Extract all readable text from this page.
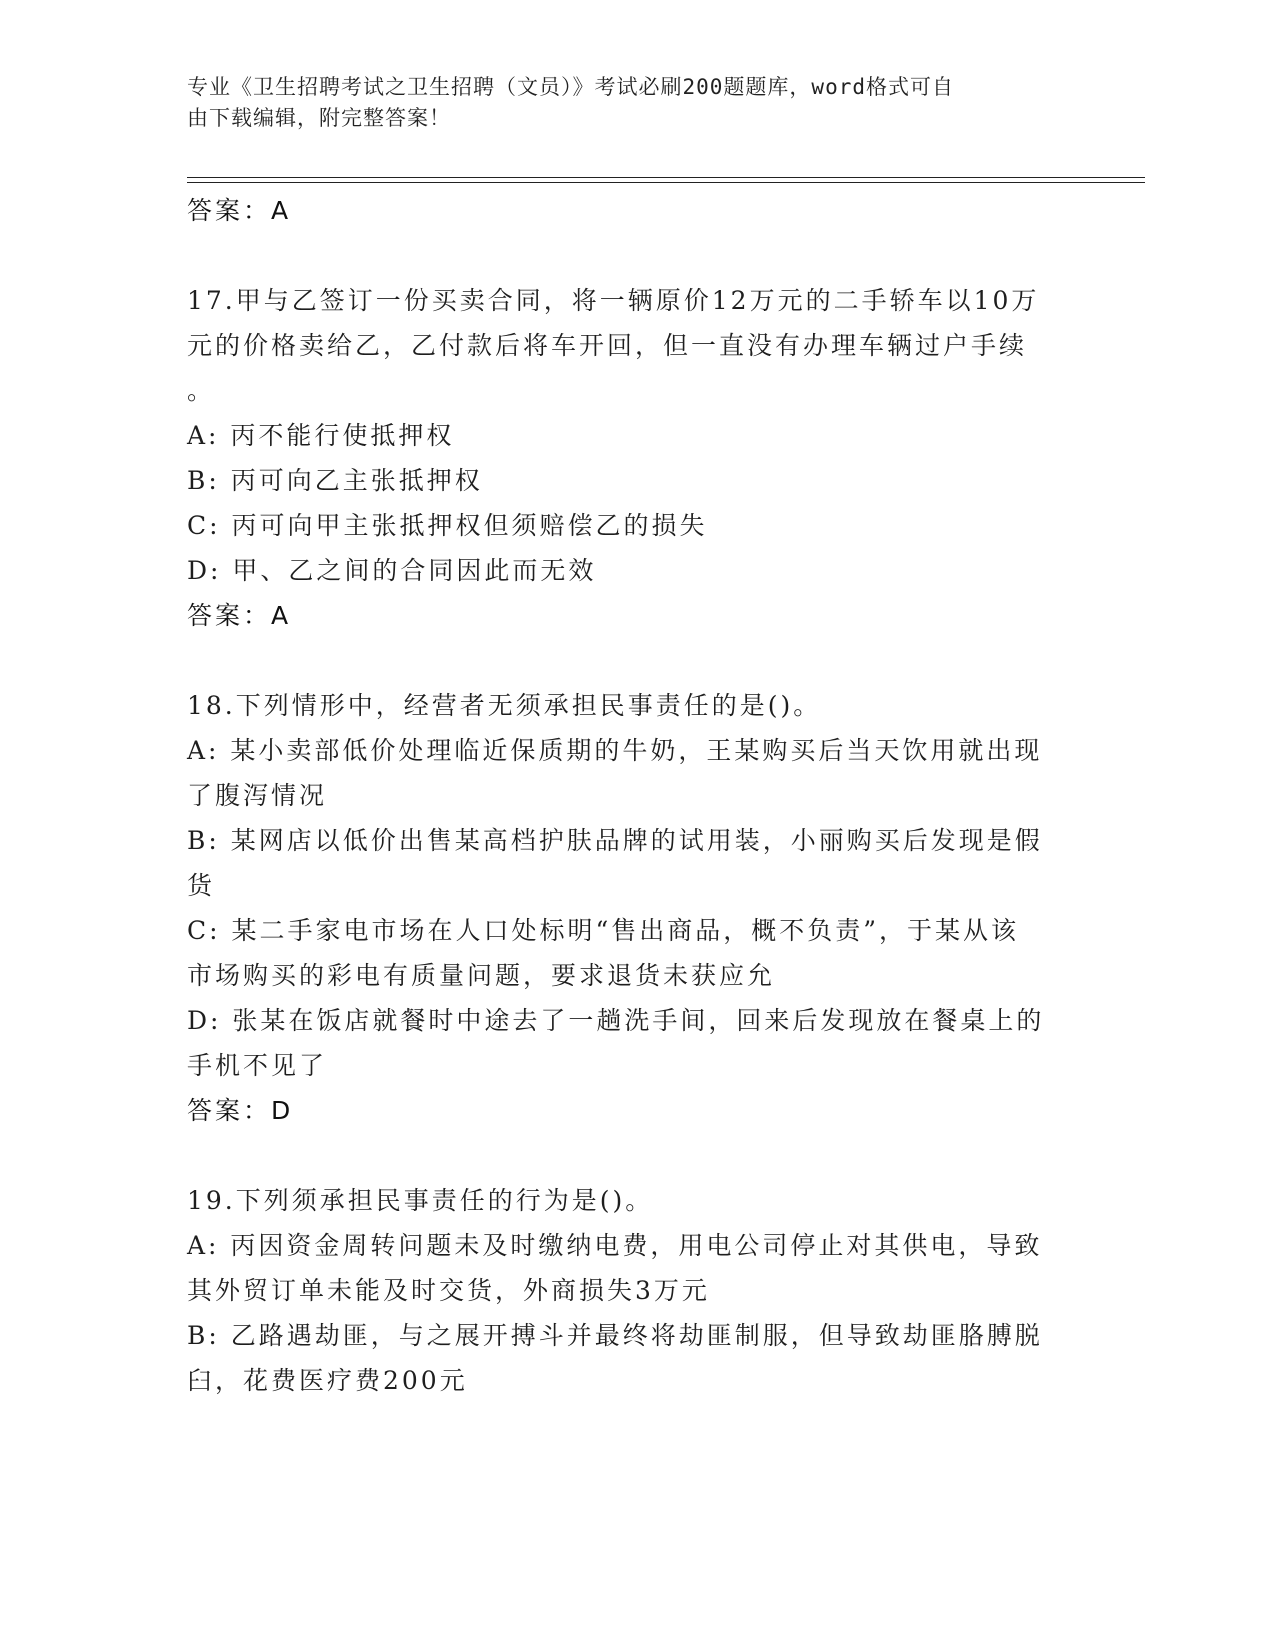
专业《卫生招聘考试之卫生招聘（文员）》考试必刷200题题库，word格式可自
由下载编辑，附完整答案！
答案：A
17.甲与乙签订一份买卖合同，将一辆原价12万元的二手轿车以10万
元的价格卖给乙，乙付款后将车开回，但一直没有办理车辆过户手续
。
A: 丙不能行使抵押权
B: 丙可向乙主张抵押权
C: 丙可向甲主张抵押权但须赔偿乙的损失
D: 甲、乙之间的合同因此而无效
答案：A
18.下列情形中，经营者无须承担民事责任的是()。
A: 某小卖部低价处理临近保质期的牛奶，王某购买后当天饮用就出现
了腹泻情况
B: 某网店以低价出售某高档护肤品牌的试用装，小丽购买后发现是假
货
C: 某二手家电市场在人口处标明“售出商品，概不负责”，于某从该
市场购买的彩电有质量问题，要求退货未获应允
D: 张某在饭店就餐时中途去了一趟洗手间，回来后发现放在餐桌上的
手机不见了
答案：D
19.下列须承担民事责任的行为是()。
A: 丙因资金周转问题未及时缴纳电费，用电公司停止对其供电，导致
其外贸订单未能及时交货，外商损失3万元
B: 乙路遇劫匪，与之展开搏斗并最终将劫匪制服，但导致劫匪胳膊脱
臼，花费医疗费200元
